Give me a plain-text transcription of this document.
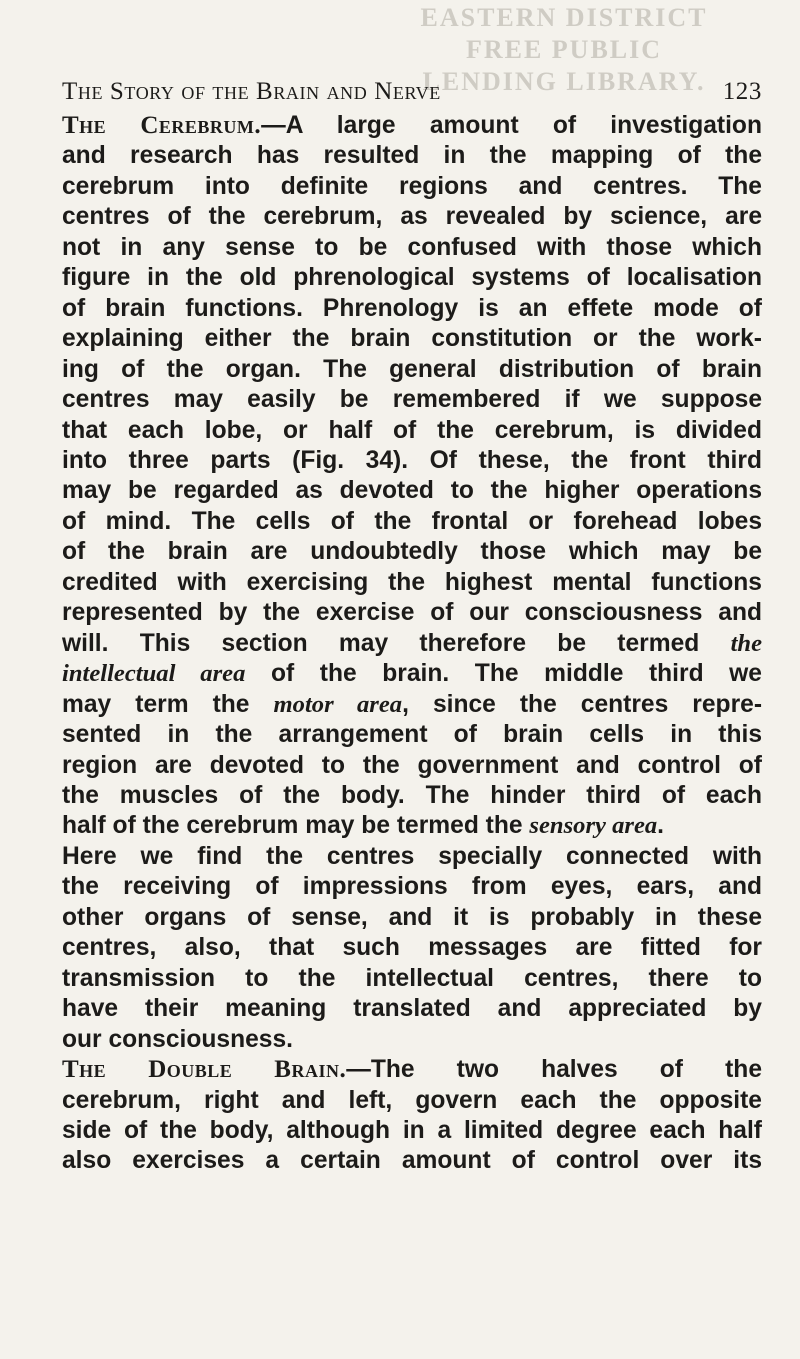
EASTERN DISTRICT
FREE PUBLIC
LENDING LIBRARY.
The Story of the Brain and Nerve	123
The Cerebrum.—A large amount of investigation
and research has resulted in the mapping of the
cerebrum into definite regions and centres. The
centres of the cerebrum, as revealed by science, are
not in any sense to be confused with those which
figure in the old phrenological systems of localisation
of brain functions. Phrenology is an effete mode of
explaining either the brain constitution or the work-
ing of the organ. The general distribution of brain
centres may easily be remembered if we suppose
that each lobe, or half of the cerebrum, is divided
into three parts (Fig. 34). Of these, the front third
may be regarded as devoted to the higher operations
of mind. The cells of the frontal or forehead lobes
of the brain are undoubtedly those which may be
credited with exercising the highest mental functions
represented by the exercise of our consciousness and
will. This section may therefore be termed the
intellectual area of the brain. The middle third we
may term the motor area, since the centres repre-
sented in the arrangement of brain cells in this
region are devoted to the government and control of
the muscles of the body. The hinder third of each
half of the cerebrum may be termed the sensory area.
Here we find the centres specially connected with
the receiving of impressions from eyes, ears, and
other organs of sense, and it is probably in these
centres, also, that such messages are fitted for
transmission to the intellectual centres, there to
have their meaning translated and appreciated by
our consciousness.
The Double Brain.—The two halves of the
cerebrum, right and left, govern each the opposite
side of the body, although in a limited degree each half
also exercises a certain amount of control over its
